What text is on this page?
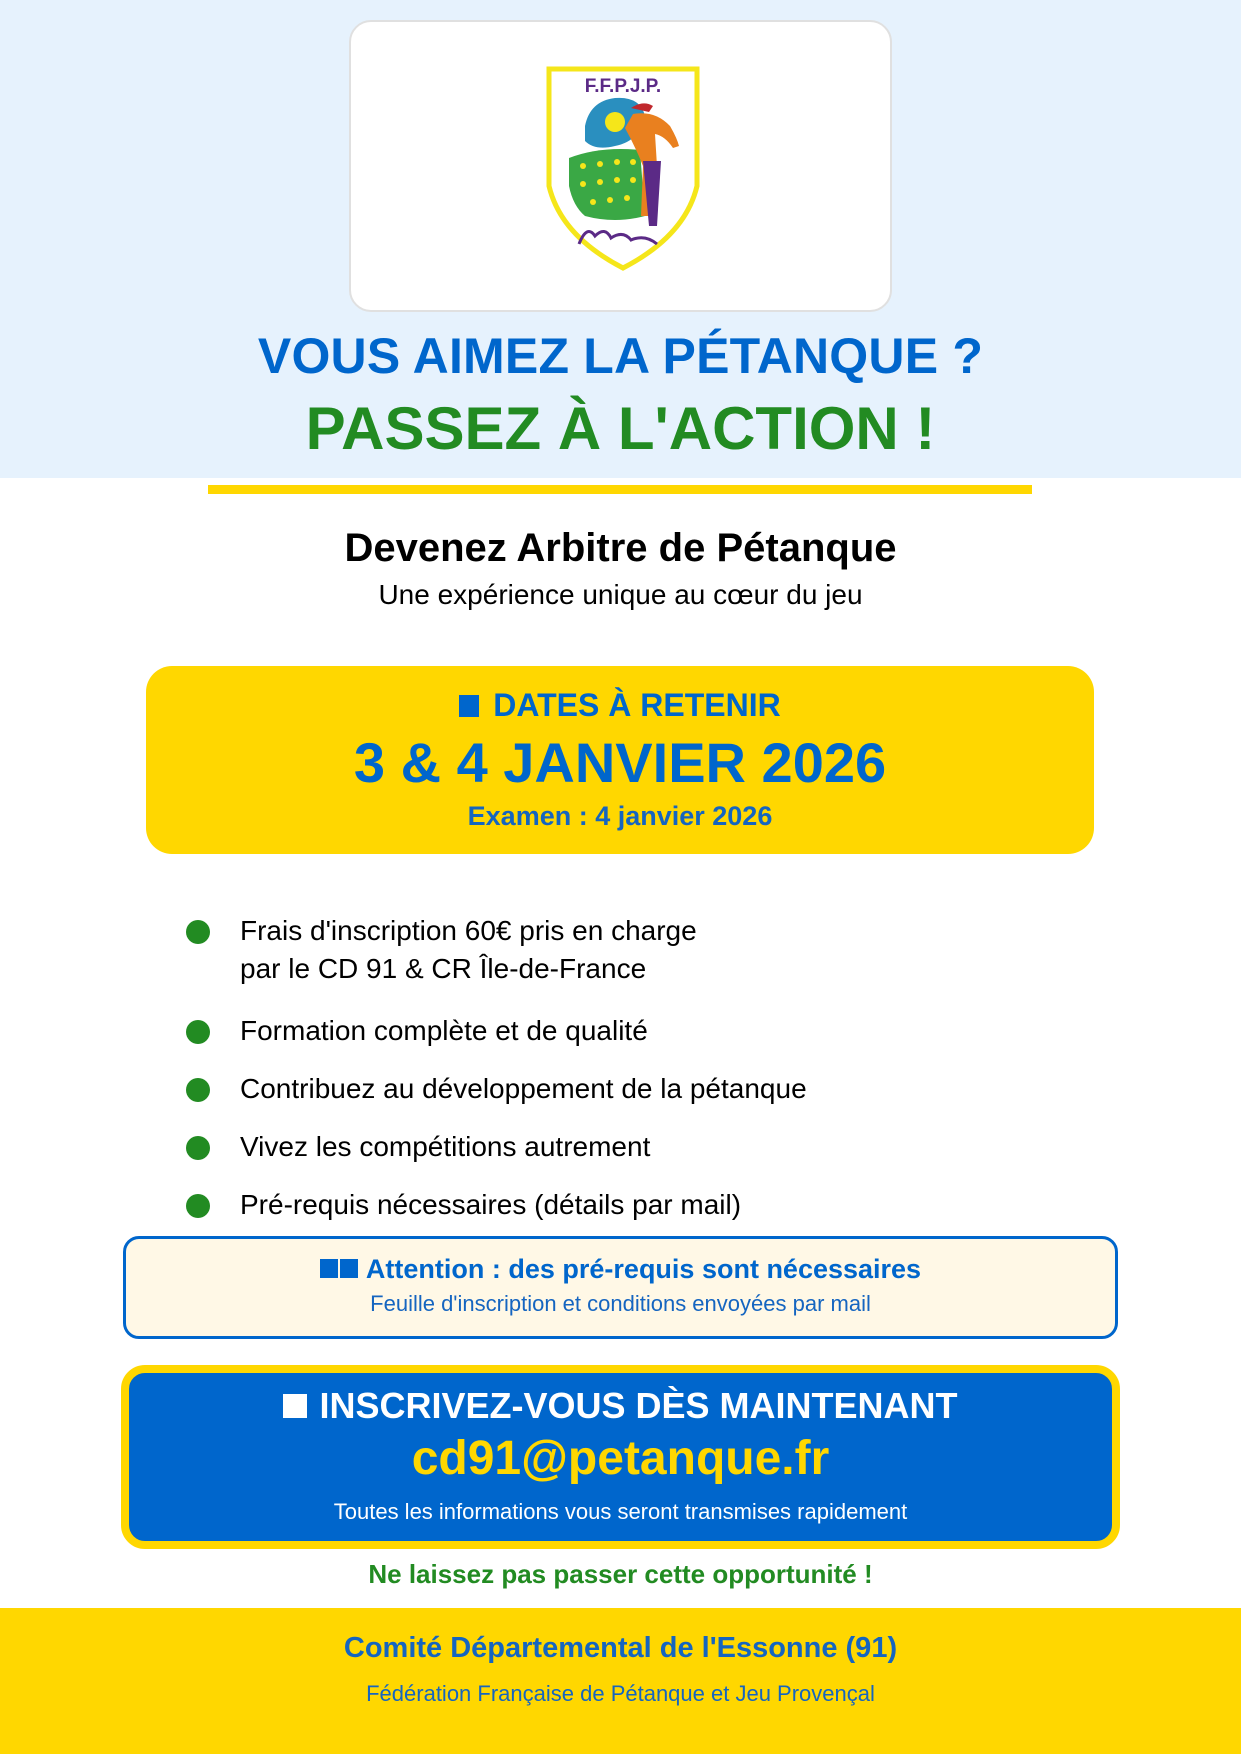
F.F.P.J.P.
VOUS AIMEZ LA PÉTANQUE ?
PASSEZ À L'ACTION !
Devenez Arbitre de Pétanque
Une expérience unique au cœur du jeu
DATES À RETENIR
3 & 4 JANVIER 2026
Examen : 4 janvier 2026
Frais d'inscription 60€ pris en charge
par le CD 91 & CR Île-de-France
Formation complète et de qualité
Contribuez au développement de la pétanque
Vivez les compétitions autrement
Pré-requis nécessaires (détails par mail)
Attention : des pré-requis sont nécessaires
Feuille d'inscription et conditions envoyées par mail
INSCRIVEZ-VOUS DÈS MAINTENANT
cd91@petanque.fr
Toutes les informations vous seront transmises rapidement
Ne laissez pas passer cette opportunité !
Comité Départemental de l'Essonne (91)
Fédération Française de Pétanque et Jeu Provençal
